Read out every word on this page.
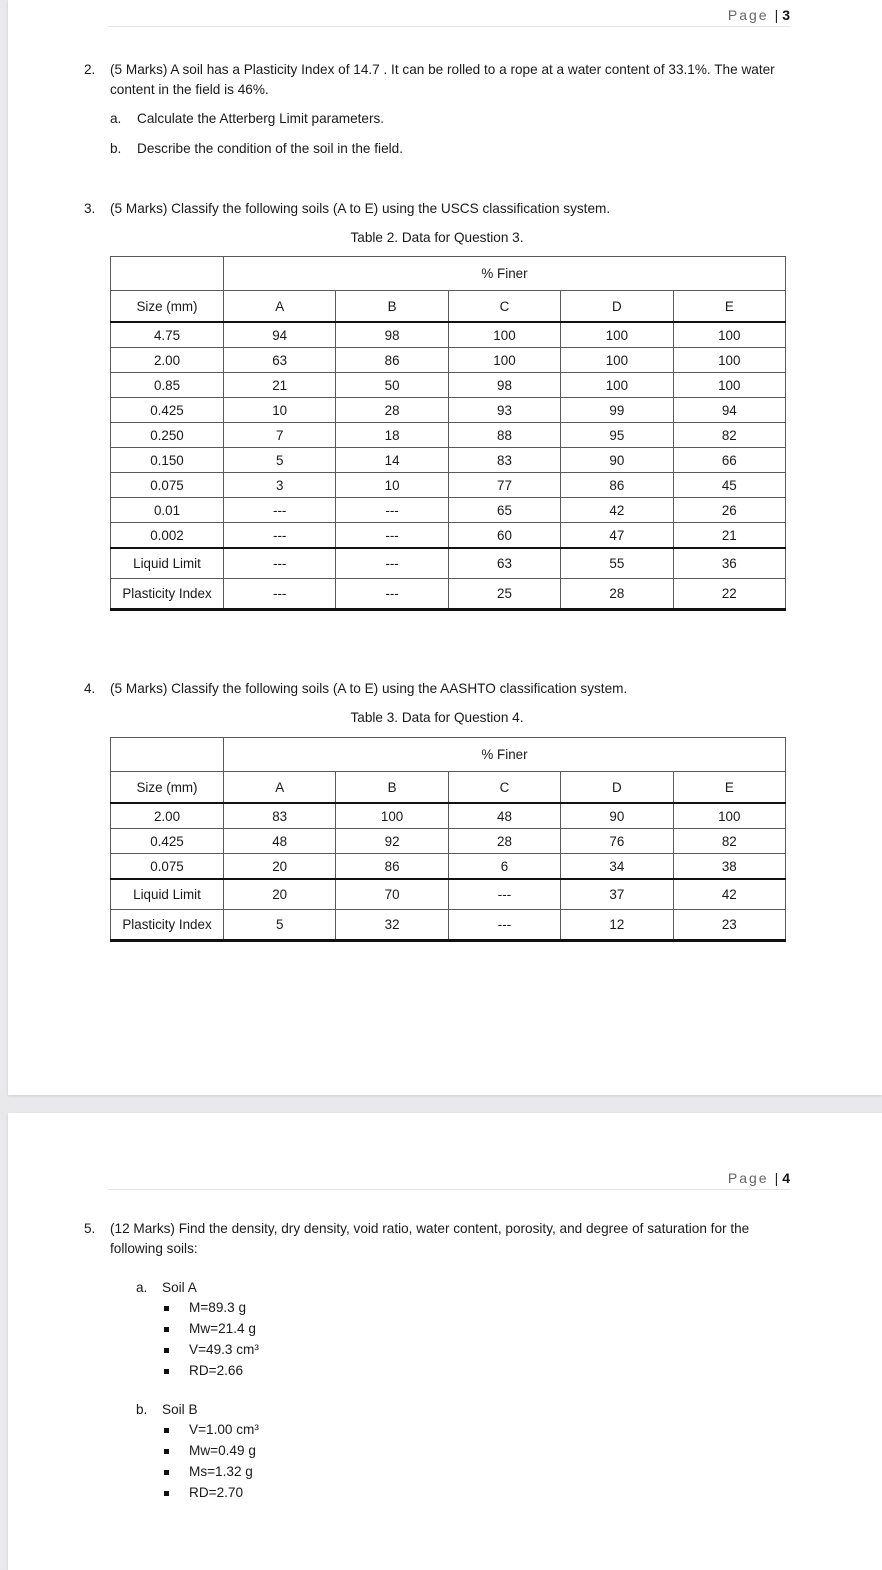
Page | 3
2. (5 Marks) A soil has a Plasticity Index of 14.7 . It can be rolled to a rope at a water content of 33.1%. The water content in the field is 46%.
a. Calculate the Atterberg Limit parameters.
b. Describe the condition of the soil in the field.
3. (5 Marks) Classify the following soils (A to E) using the USCS classification system.
Table 2. Data for Question 3.
	% Finer				
Size (mm)	A	B	C	D	E
4.75	94	98	100	100	100
2.00	63	86	100	100	100
0.85	21	50	98	100	100
0.425	10	28	93	99	94
0.250	7	18	88	95	82
0.150	5	14	83	90	66
0.075	3	10	77	86	45
0.01	---	---	65	42	26
0.002	---	---	60	47	21
Liquid Limit	---	---	63	55	36
Plasticity Index	---	---	25	28	22
4. (5 Marks) Classify the following soils (A to E) using the AASHTO classification system.
Table 3. Data for Question 4.
	% Finer				
Size (mm)	A	B	C	D	E
2.00	83	100	48	90	100
0.425	48	92	28	76	82
0.075	20	86	6	34	38
Liquid Limit	20	70	---	37	42
Plasticity Index	5	32	---	12	23
Page | 4
5. (12 Marks) Find the density, dry density, void ratio, water content, porosity, and degree of saturation for the following soils:
a. Soil A
M=89.3 g
Mw=21.4 g
V=49.3 cm³
RD=2.66
b. Soil B
V=1.00 cm³
Mw=0.49 g
Ms=1.32 g
RD=2.70
